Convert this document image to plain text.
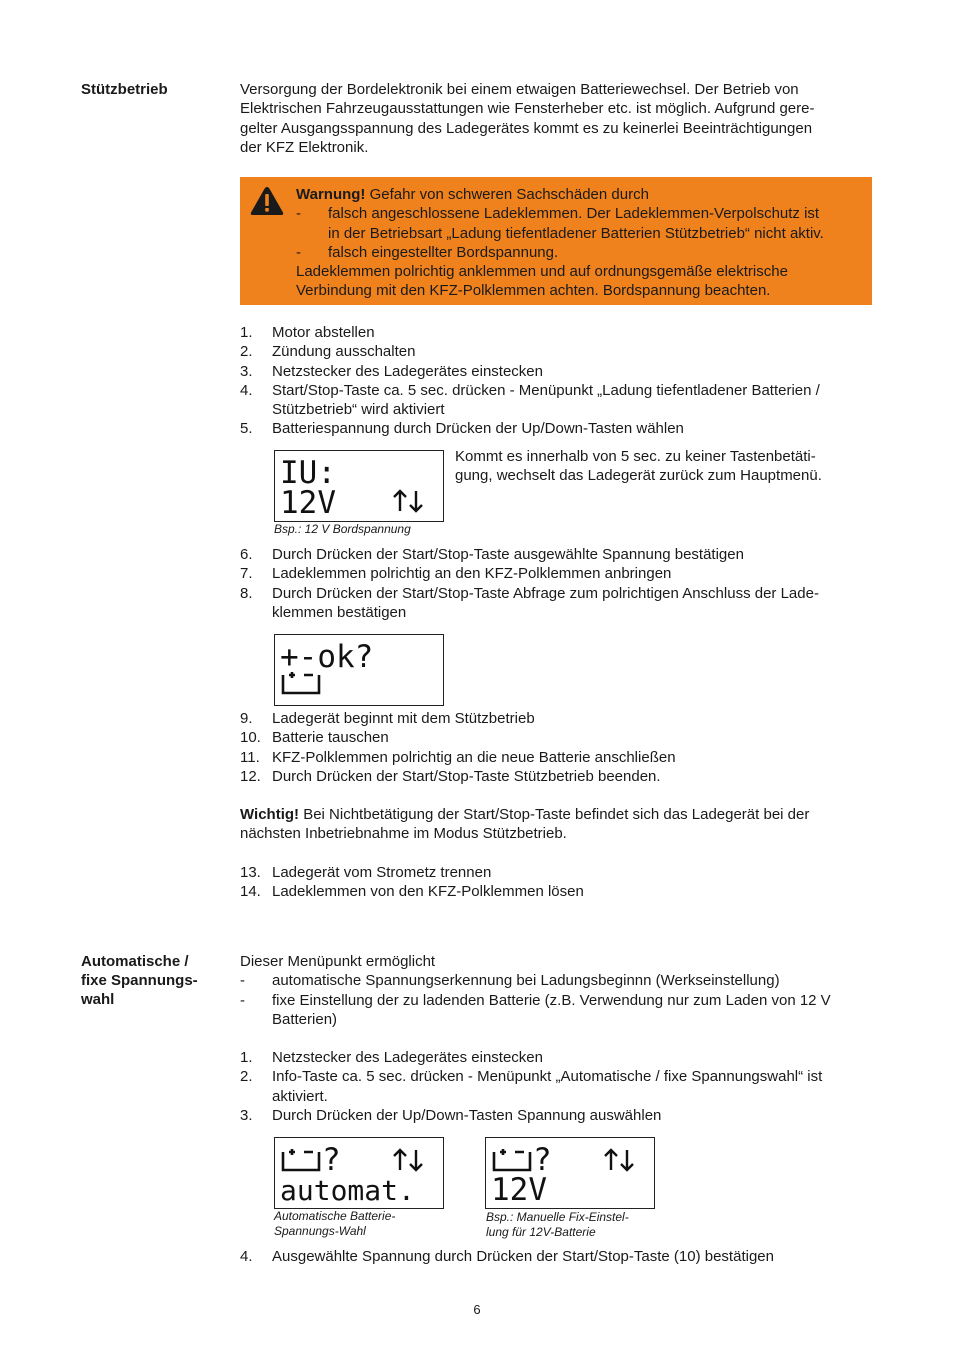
Stützbetrieb	Versorgung der Bordelektronik bei einem etwaigen Batteriewechsel. Der Betrieb von
Elektrischen Fahrzeugausstattungen wie Fensterheber etc. ist möglich. Aufgrund gere-
gelter Ausgangsspannung des Ladegerätes kommt es zu keinerlei Beeinträchtigungen
der KFZ Elektronik.
Warnung! Gefahr von schweren Sachschäden durch
- falsch angeschlossene Ladeklemmen. Der Ladeklemmen-Verpolschutz ist
in der Betriebsart „Ladung tiefentladener Batterien Stützbetrieb“ nicht aktiv.
- falsch eingestellter Bordspannung.
Ladeklemmen polrichtig anklemmen und auf ordnungsgemäße elektrische
Verbindung mit den KFZ-Polklemmen achten. Bordspannung beachten.
1. Motor abstellen
2. Zündung ausschalten
3. Netzstecker des Ladegerätes einstecken
4. Start/Stop-Taste ca. 5 sec. drücken - Menüpunkt „Ladung tiefentladener Batterien /
Stützbetrieb“ wird aktiviert
5. Batteriespannung durch Drücken der Up/Down-Tasten wählen
IU:
12V
Bsp.: 12 V Bordspannung
Kommt es innerhalb von 5 sec. zu keiner Tastenbetäti-
gung, wechselt das Ladegerät zurück zum Hauptmenü.
6. Durch Drücken der Start/Stop-Taste ausgewählte Spannung bestätigen
7. Ladeklemmen polrichtig an den KFZ-Polklemmen anbringen
8. Durch Drücken der Start/Stop-Taste Abfrage zum polrichtigen Anschluss der Lade-
klemmen bestätigen
+-ok?
9. Ladegerät beginnt mit dem Stützbetrieb
10. Batterie tauschen
11. KFZ-Polklemmen polrichtig an die neue Batterie anschließen
12. Durch Drücken der Start/Stop-Taste Stützbetrieb beenden.
Wichtig! Bei Nichtbetätigung der Start/Stop-Taste befindet sich das Ladegerät bei der
nächsten Inbetriebnahme im Modus Stützbetrieb.
13. Ladegerät vom Strometz trennen
14. Ladeklemmen von den KFZ-Polklemmen lösen
Automatische /
fixe Spannungs-
wahl
Dieser Menüpunkt ermöglicht
- automatische Spannungserkennung bei Ladungsbeginnn (Werkseinstellung)
- fixe Einstellung der zu ladenden Batterie (z.B. Verwendung nur zum Laden von 12 V
Batterien)
1. Netzstecker des Ladegerätes einstecken
2. Info-Taste ca. 5 sec. drücken - Menüpunkt „Automatische / fixe Spannungswahl“ ist
aktiviert.
3. Durch Drücken der Up/Down-Tasten Spannung auswählen
?
automat.
Automatische Batterie-
Spannungs-Wahl
?
12V
Bsp.: Manuelle Fix-Einstel-
lung für 12V-Batterie
4. Ausgewählte Spannung durch Drücken der Start/Stop-Taste (10) bestätigen
6
